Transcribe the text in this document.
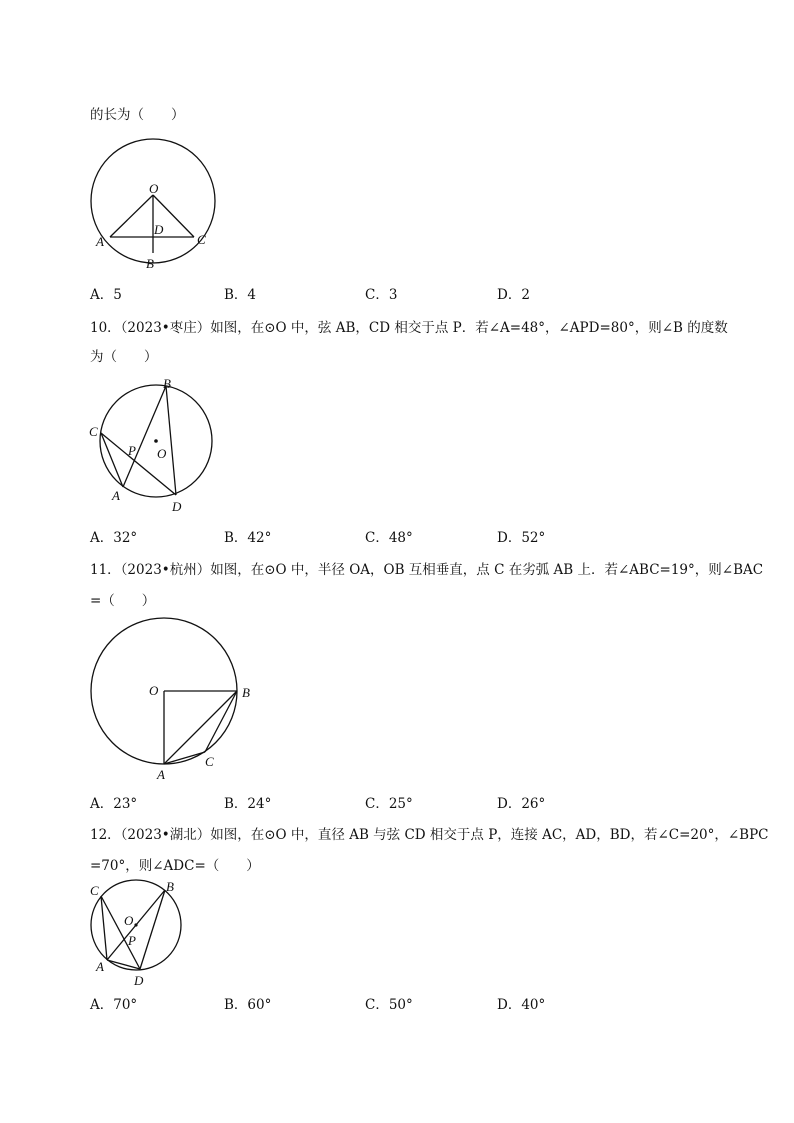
的长为（　　）
O
A
B
C
D
A．5	B．4	C．3	D．2
10．（2023•枣庄）如图，在⊙O 中，弦 AB，CD 相交于点 P．若∠A=48°，∠APD=80°，则∠B 的度数
为（　　）
B
C
P O
A
D
A．32°	B．42°	C．48°	D．52°
11．（2023•杭州）如图，在⊙O 中，半径 OA，OB 互相垂直，点 C 在劣弧 AB 上．若∠ABC=19°，则∠BAC
=（　　）
O	B
A
C
A．23°	B．24°	C．25°	D．26°
12．（2023•湖北）如图，在⊙O 中，直径 AB 与弦 CD 相交于点 P，连接 AC，AD，BD，若∠C=20°，∠BPC
=70°，则∠ADC=（　　）
C	B
O
P
A
D
A．70°	B．60°	C．50°	D．40°
